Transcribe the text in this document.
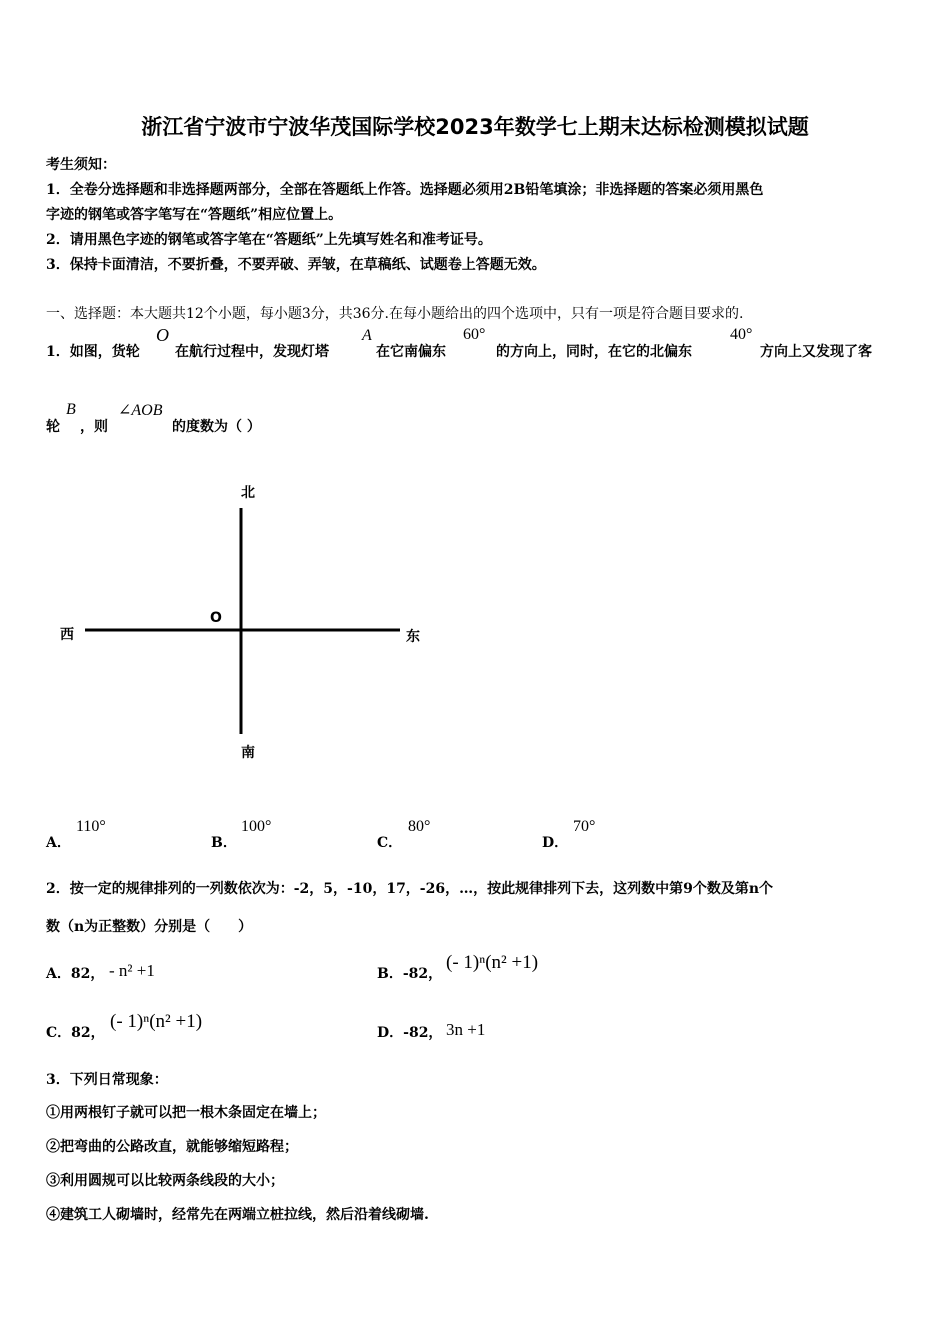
浙江省宁波市宁波华茂国际学校2023年数学七上期末达标检测模拟试题
考生须知：
1．全卷分选择题和非选择题两部分，全部在答题纸上作答。选择题必须用2B铅笔填涂；非选择题的答案必须用黑色
字迹的钢笔或答字笔写在“答题纸”相应位置上。
2．请用黑色字迹的钢笔或答字笔在“答题纸”上先填写姓名和准考证号。
3．保持卡面清洁，不要折叠，不要弄破、弄皱，在草稿纸、试题卷上答题无效。
一、选择题：本大题共12个小题，每小题3分，共36分.在每小题给出的四个选项中，只有一项是符合题目要求的.
1．如图，货轮
O
在航行过程中，发现灯塔
A
在它南偏东
60°
的方向上，同时，在它的北偏东
40°
方向上又发现了客
轮
B
，则
∠AOB
的度数为（ ）
北
南
西	东
O
A．
110°
B．
100°
C．
80°
D．
70°
2．按一定的规律排列的一列数依次为：-2，5，-10，17，-26，…，按此规律排列下去，这列数中第9个数及第n个
数（n为正整数）分别是（　　）
A．82， - n² +1	B．-82，
(- 1)ⁿ(n² +1)
C．82，
(- 1)ⁿ(n² +1)
D．-82， 3n +1
3．下列日常现象：
①用两根钉子就可以把一根木条固定在墙上；
②把弯曲的公路改直，就能够缩短路程；
③利用圆规可以比较两条线段的大小；
④建筑工人砌墙时，经常先在两端立桩拉线，然后沿着线砌墙.
